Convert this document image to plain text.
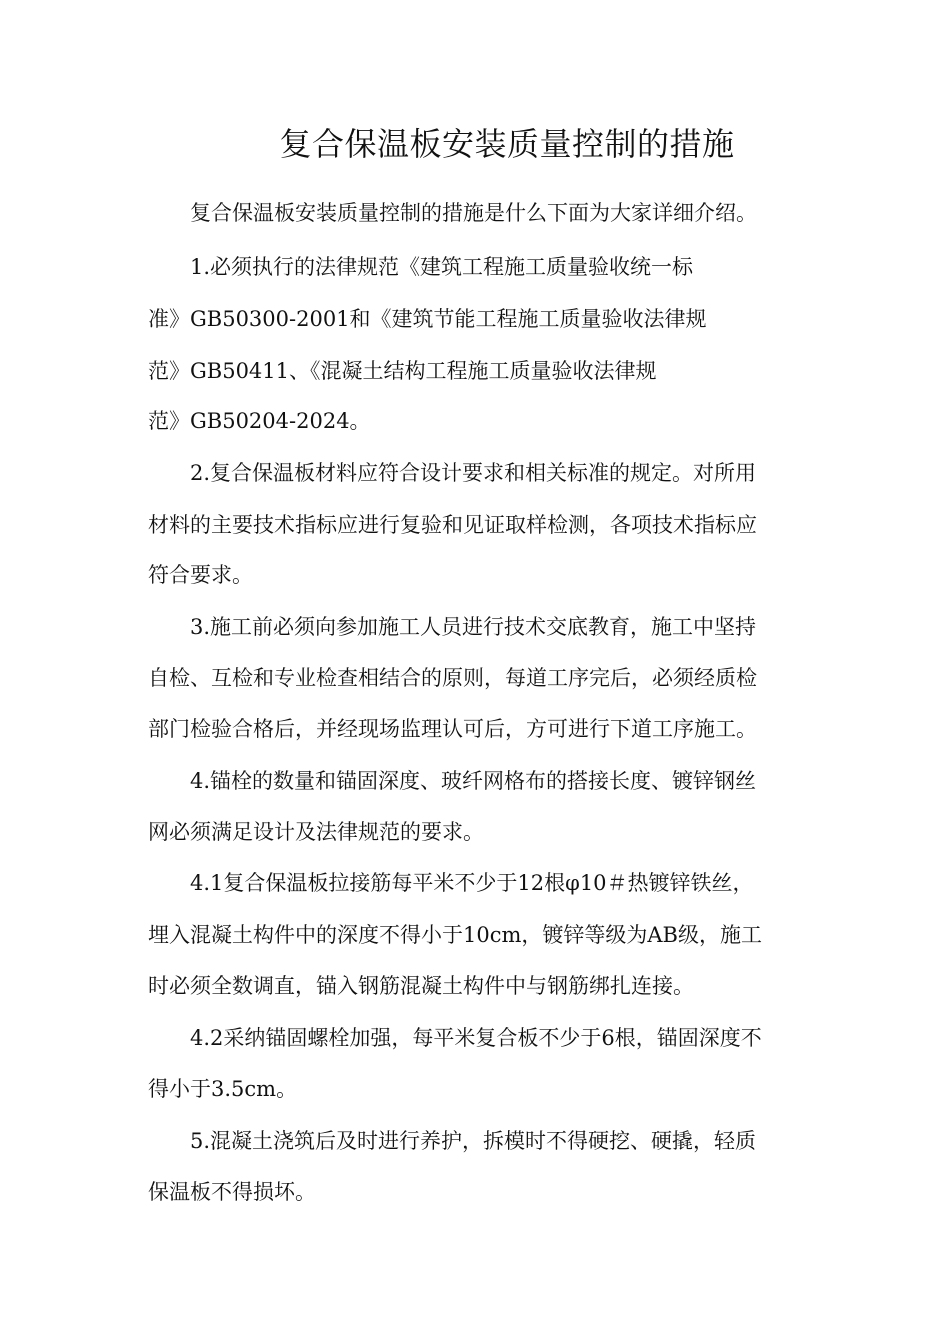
复合保温板安装质量控制的措施
复合保温板安装质量控制的措施是什么下面为大家详细介绍。
1.必须执行的法律规范《建筑工程施工质量验收统一标
准》GB50300-2001和《建筑节能工程施工质量验收法律规
范》GB50411、《混凝土结构工程施工质量验收法律规
范》GB50204-2024。
2.复合保温板材料应符合设计要求和相关标准的规定。对所用
材料的主要技术指标应进行复验和见证取样检测，各项技术指标应
符合要求。
3.施工前必须向参加施工人员进行技术交底教育，施工中坚持
自检、互检和专业检查相结合的原则，每道工序完后，必须经质检
部门检验合格后，并经现场监理认可后，方可进行下道工序施工。
4.锚栓的数量和锚固深度、玻纤网格布的搭接长度、镀锌钢丝
网必须满足设计及法律规范的要求。
4.1复合保温板拉接筋每平米不少于12根φ10＃热镀锌铁丝，
埋入混凝土构件中的深度不得小于10cm，镀锌等级为AB级，施工
时必须全数调直，锚入钢筋混凝土构件中与钢筋绑扎连接。
4.2采纳锚固螺栓加强，每平米复合板不少于6根，锚固深度不
得小于3.5cm。
5.混凝土浇筑后及时进行养护，拆模时不得硬挖、硬撬，轻质
保温板不得损坏。
